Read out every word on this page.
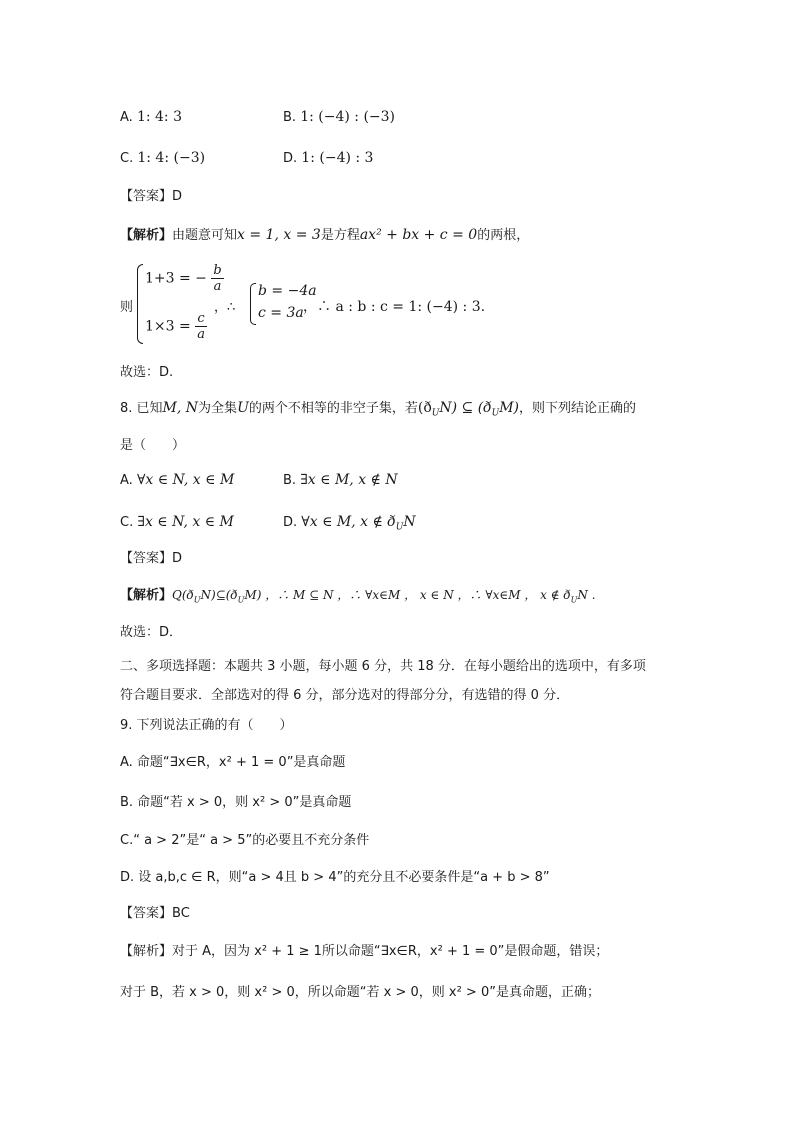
A. 1: 4: 3	B. 1: (−4) : (−3)
C. 1: 4: (−3)	D. 1: (−4) : 3
【答案】D
【解析】由题意可知x = 1, x = 3是方程ax² + bx + c = 0的两根，
则
1+3 = − $\frac{b}{a}$
$1\times 3 = \frac{c}{a}$
，∴
b = −4a
c = 3a ，∴ a : b : c = 1: (−4) : 3.
故选：D.
8. 已知M, N为全集U的两个不相等的非空子集，若$(ð_UN)$ ⊆ $(ð_UM)$，则下列结论正确的
是（　　）
A. ∀x ∈ N, x ∈ M	B. ∃x ∈ M, x ∉ N
C. ∃x ∈ N, x ∈ M	D. ∀x ∈ M, x ∉ $ð_UN$
【答案】D
【解析】$Q(ð_UN)⊆(ð_UM)$ ，∴ M ⊆ N ，∴ ∀x∈M ， x ∈ N ，∴ ∀x∈M ， x ∉ $ð_UN$ .
故选：D．
二、多项选择题：本题共 3 小题，每小题 6 分，共 18 分．在每小题给出的选项中，有多项
符合题目要求．全部选对的得 6 分，部分选对的得部分分，有选错的得 0 分．
9. 下列说法正确的有（　　）
A. 命题“∃x∈R，x² + 1 = 0”是真命题
B. 命题“若 x > 0，则 x² > 0”是真命题
C.“ a > 2”是“ a > 5”的必要且不充分条件
D. 设 a,b,c ∈ R，则“a > 4且 b > 4”的充分且不必要条件是“a + b > 8”
【答案】BC
【解析】对于 A，因为 x² + 1 ≥ 1所以命题“∃x∈R，x² + 1 = 0”是假命题，错误；
对于 B，若 x > 0，则 x² > 0，所以命题“若 x > 0，则 x² > 0”是真命题，正确；
